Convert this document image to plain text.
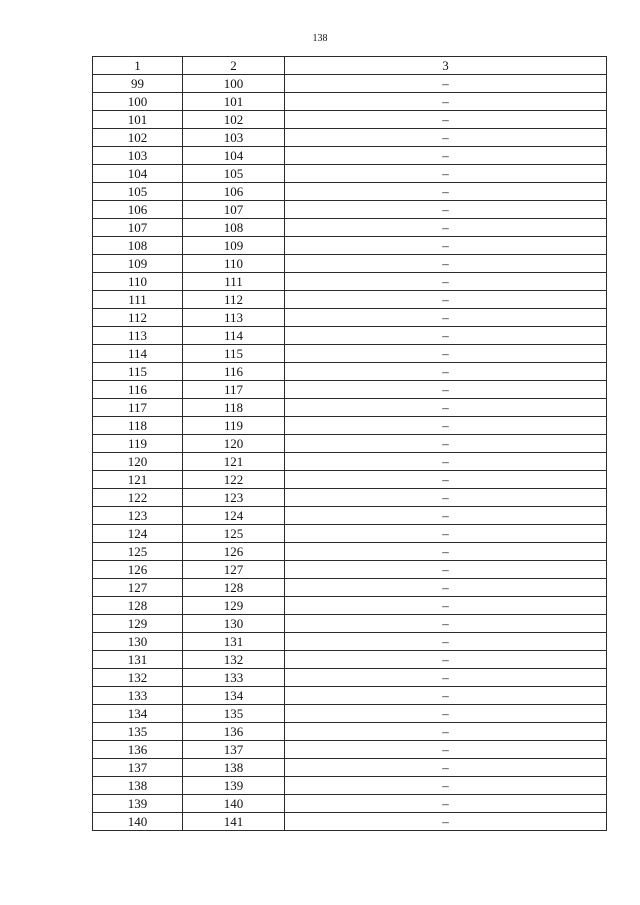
138
1	2	3
99	100	–
100	101	–
101	102	–
102	103	–
103	104	–
104	105	–
105	106	–
106	107	–
107	108	–
108	109	–
109	110	–
110	111	–
111	112	–
112	113	–
113	114	–
114	115	–
115	116	–
116	117	–
117	118	–
118	119	–
119	120	–
120	121	–
121	122	–
122	123	–
123	124	–
124	125	–
125	126	–
126	127	–
127	128	–
128	129	–
129	130	–
130	131	–
131	132	–
132	133	–
133	134	–
134	135	–
135	136	–
136	137	–
137	138	–
138	139	–
139	140	–
140	141	–
